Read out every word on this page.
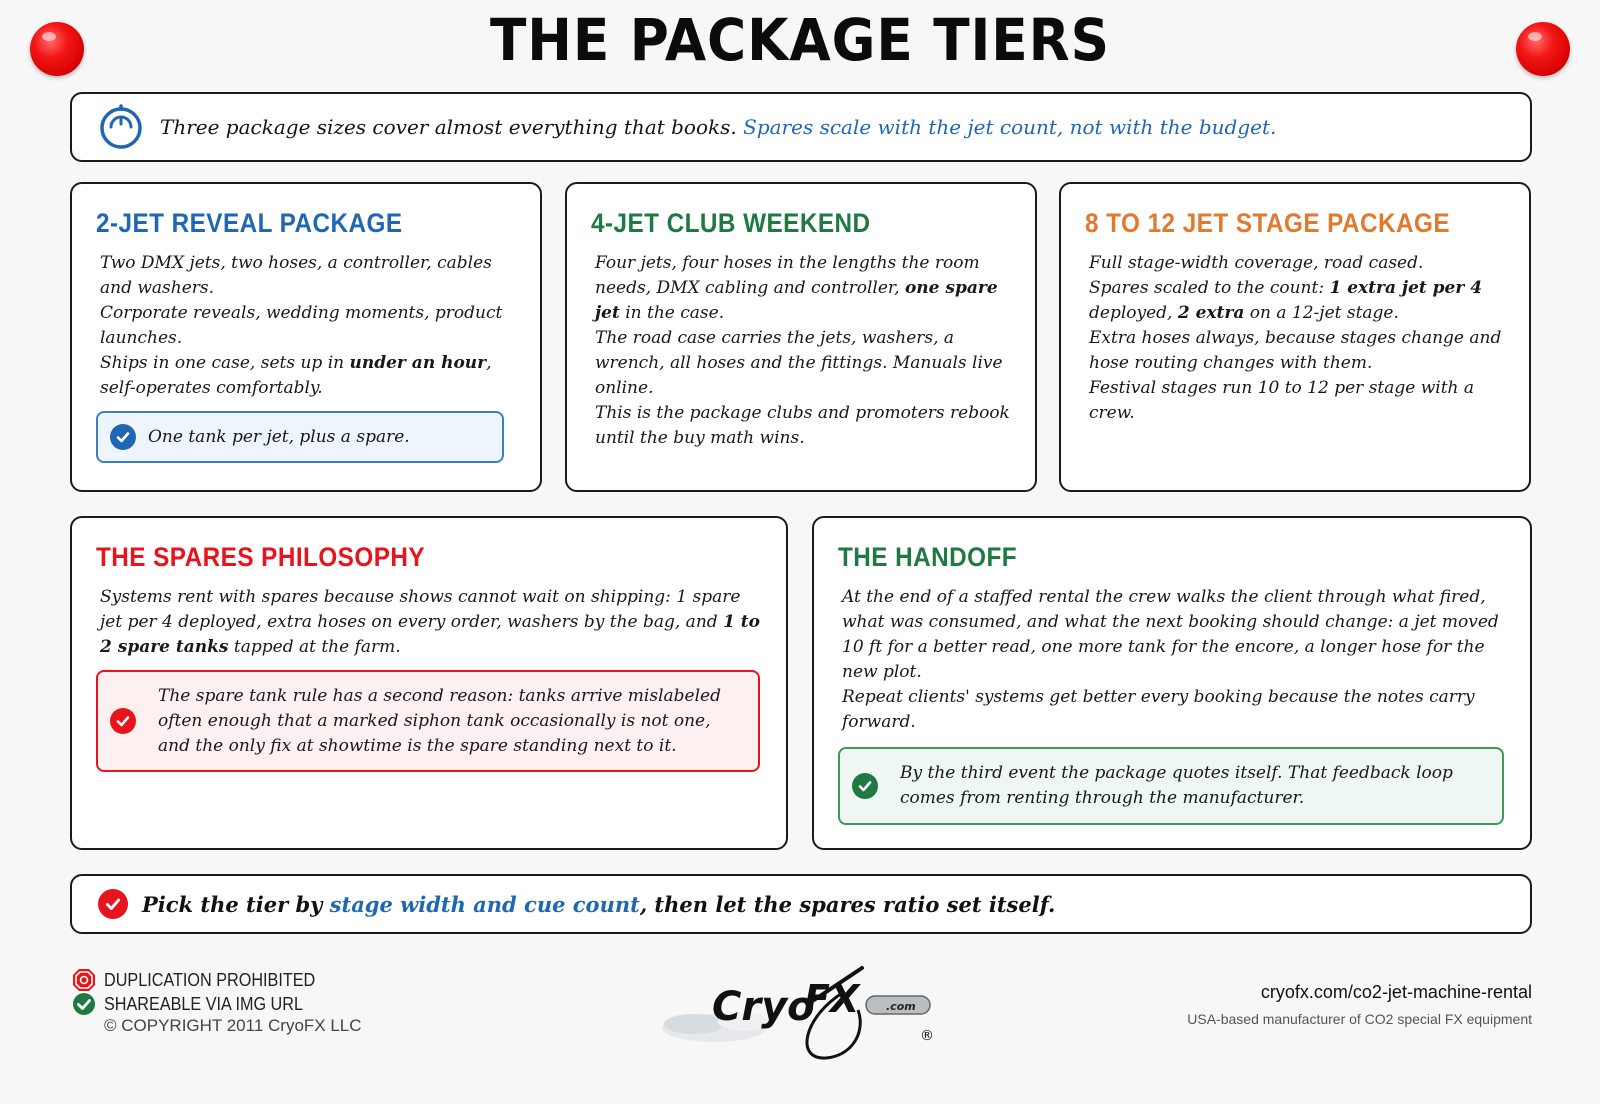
THE PACKAGE TIERS
Three package sizes cover almost everything that books. Spares scale with the jet count, not with the budget.
2-JET REVEAL PACKAGE
Two DMX jets, two hoses, a controller, cables and washers.
Corporate reveals, wedding moments, product launches.
Ships in one case, sets up in under an hour, self-operates comfortably.
One tank per jet, plus a spare.
4-JET CLUB WEEKEND
Four jets, four hoses in the lengths the room needs, DMX cabling and controller, one spare jet in the case.
The road case carries the jets, washers, a wrench, all hoses and the fittings. Manuals live online.
This is the package clubs and promoters rebook until the buy math wins.
8 TO 12 JET STAGE PACKAGE
Full stage-width coverage, road cased.
Spares scaled to the count: 1 extra jet per 4 deployed, 2 extra on a 12-jet stage.
Extra hoses always, because stages change and hose routing changes with them.
Festival stages run 10 to 12 per stage with a crew.
THE SPARES PHILOSOPHY
Systems rent with spares because shows cannot wait on shipping: 1 spare jet per 4 deployed, extra hoses on every order, washers by the bag, and 1 to 2 spare tanks tapped at the farm.
The spare tank rule has a second reason: tanks arrive mislabeled often enough that a marked siphon tank occasionally is not one, and the only fix at showtime is the spare standing next to it.
THE HANDOFF
At the end of a staffed rental the crew walks the client through what fired, what was consumed, and what the next booking should change: a jet moved 10 ft for a better read, one more tank for the encore, a longer hose for the new plot.
Repeat clients' systems get better every booking because the notes carry forward.
By the third event the package quotes itself. That feedback loop comes from renting through the manufacturer.
Pick the tier by stage width and cue count, then let the spares ratio set itself.
DUPLICATION PROHIBITED
SHAREABLE VIA IMG URL
© COPYRIGHT 2011 CryoFX LLC	Cryo
FX .com
®
cryofx.com/co2-jet-machine-rental
USA-based manufacturer of CO2 special FX equipment
